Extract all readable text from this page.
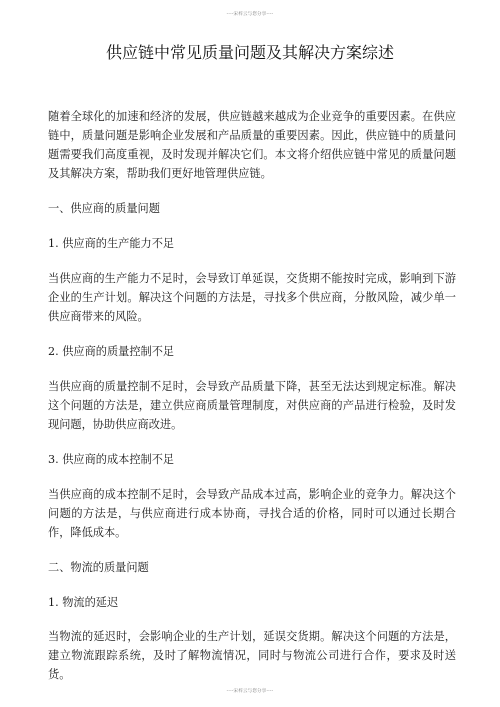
----宋梓云与您分享----
供应链中常见质量问题及其解决方案综述

随着全球化的加速和经济的发展，供应链越来越成为企业竞争的重要因素。在供应链中，质量问题是影响企业发展和产品质量的重要因素。因此，供应链中的质量问题需要我们高度重视，及时发现并解决它们。本文将介绍供应链中常见的质量问题及其解决方案，帮助我们更好地管理供应链。

一、供应商的质量问题

1. 供应商的生产能力不足

当供应商的生产能力不足时，会导致订单延误，交货期不能按时完成，影响到下游企业的生产计划。解决这个问题的方法是，寻找多个供应商，分散风险，减少单一供应商带来的风险。

2. 供应商的质量控制不足

当供应商的质量控制不足时，会导致产品质量下降，甚至无法达到规定标准。解决这个问题的方法是，建立供应商质量管理制度，对供应商的产品进行检验，及时发现问题，协助供应商改进。

3. 供应商的成本控制不足

当供应商的成本控制不足时，会导致产品成本过高，影响企业的竞争力。解决这个问题的方法是，与供应商进行成本协商，寻找合适的价格，同时可以通过长期合作，降低成本。

二、物流的质量问题

1. 物流的延迟

当物流的延迟时，会影响企业的生产计划，延误交货期。解决这个问题的方法是，建立物流跟踪系统，及时了解物流情况，同时与物流公司进行合作，要求及时送货。

----宋梓云与您分享----
